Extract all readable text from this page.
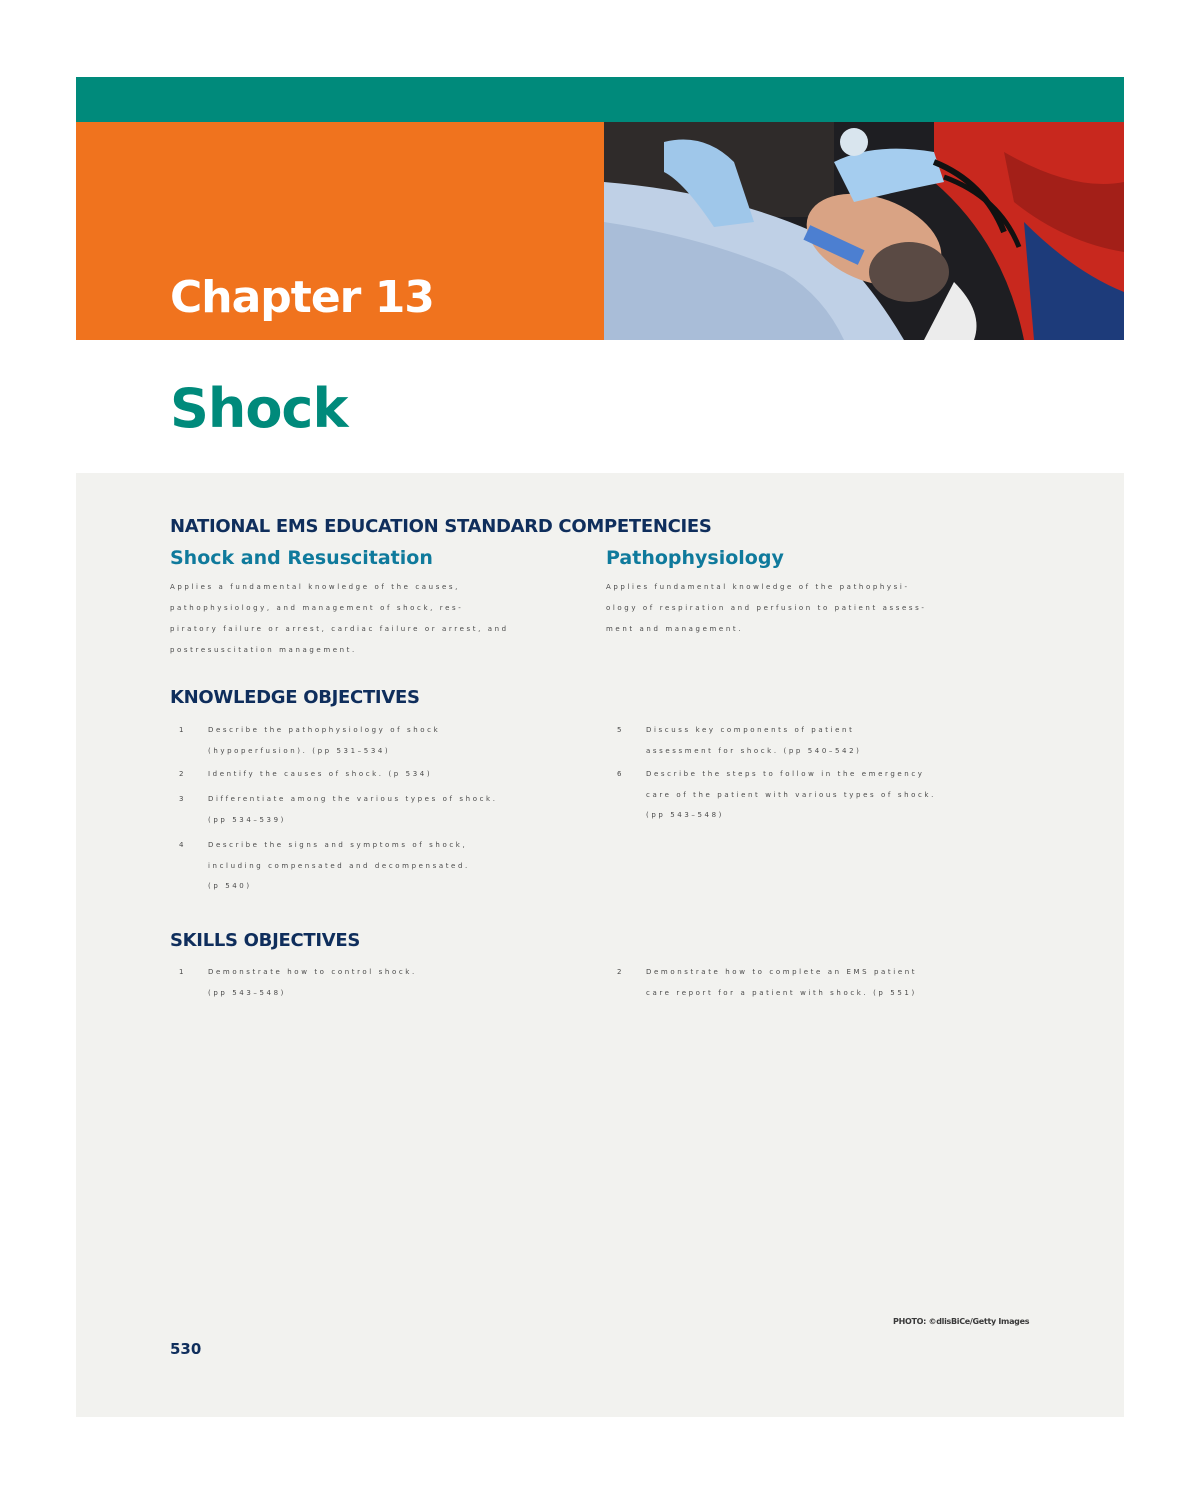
Chapter 13
Shock
NATIONAL EMS EDUCATION STANDARD COMPETENCIES
Shock and Resuscitation
Applies a fundamental knowledge of the causes,
pathophysiology, and management of shock, res-
piratory failure or arrest, cardiac failure or arrest, and
postresuscitation management.
Pathophysiology
Applies fundamental knowledge of the pathophysi-
ology of respiration and perfusion to patient assess-
ment and management.
KNOWLEDGE OBJECTIVES
1	Describe the pathophysiology of shock
(hypoperfusion). (pp 531–534)
2	Identify the causes of shock. (p 534)
3	Differentiate among the various types of shock.
(pp 534–539)
4	Describe the signs and symptoms of shock,
including compensated and decompensated.
(p 540)
5	Discuss key components of patient
assessment for shock. (pp 540–542)
6	Describe the steps to follow in the emergency
care of the patient with various types of shock.
(pp 543–548)
SKILLS OBJECTIVES
1	Demonstrate how to control shock.
(pp 543–548)
2	Demonstrate how to complete an EMS patient
care report for a patient with shock. (p 551)
PHOTO: ©dlisBiCe/Getty Images
530
